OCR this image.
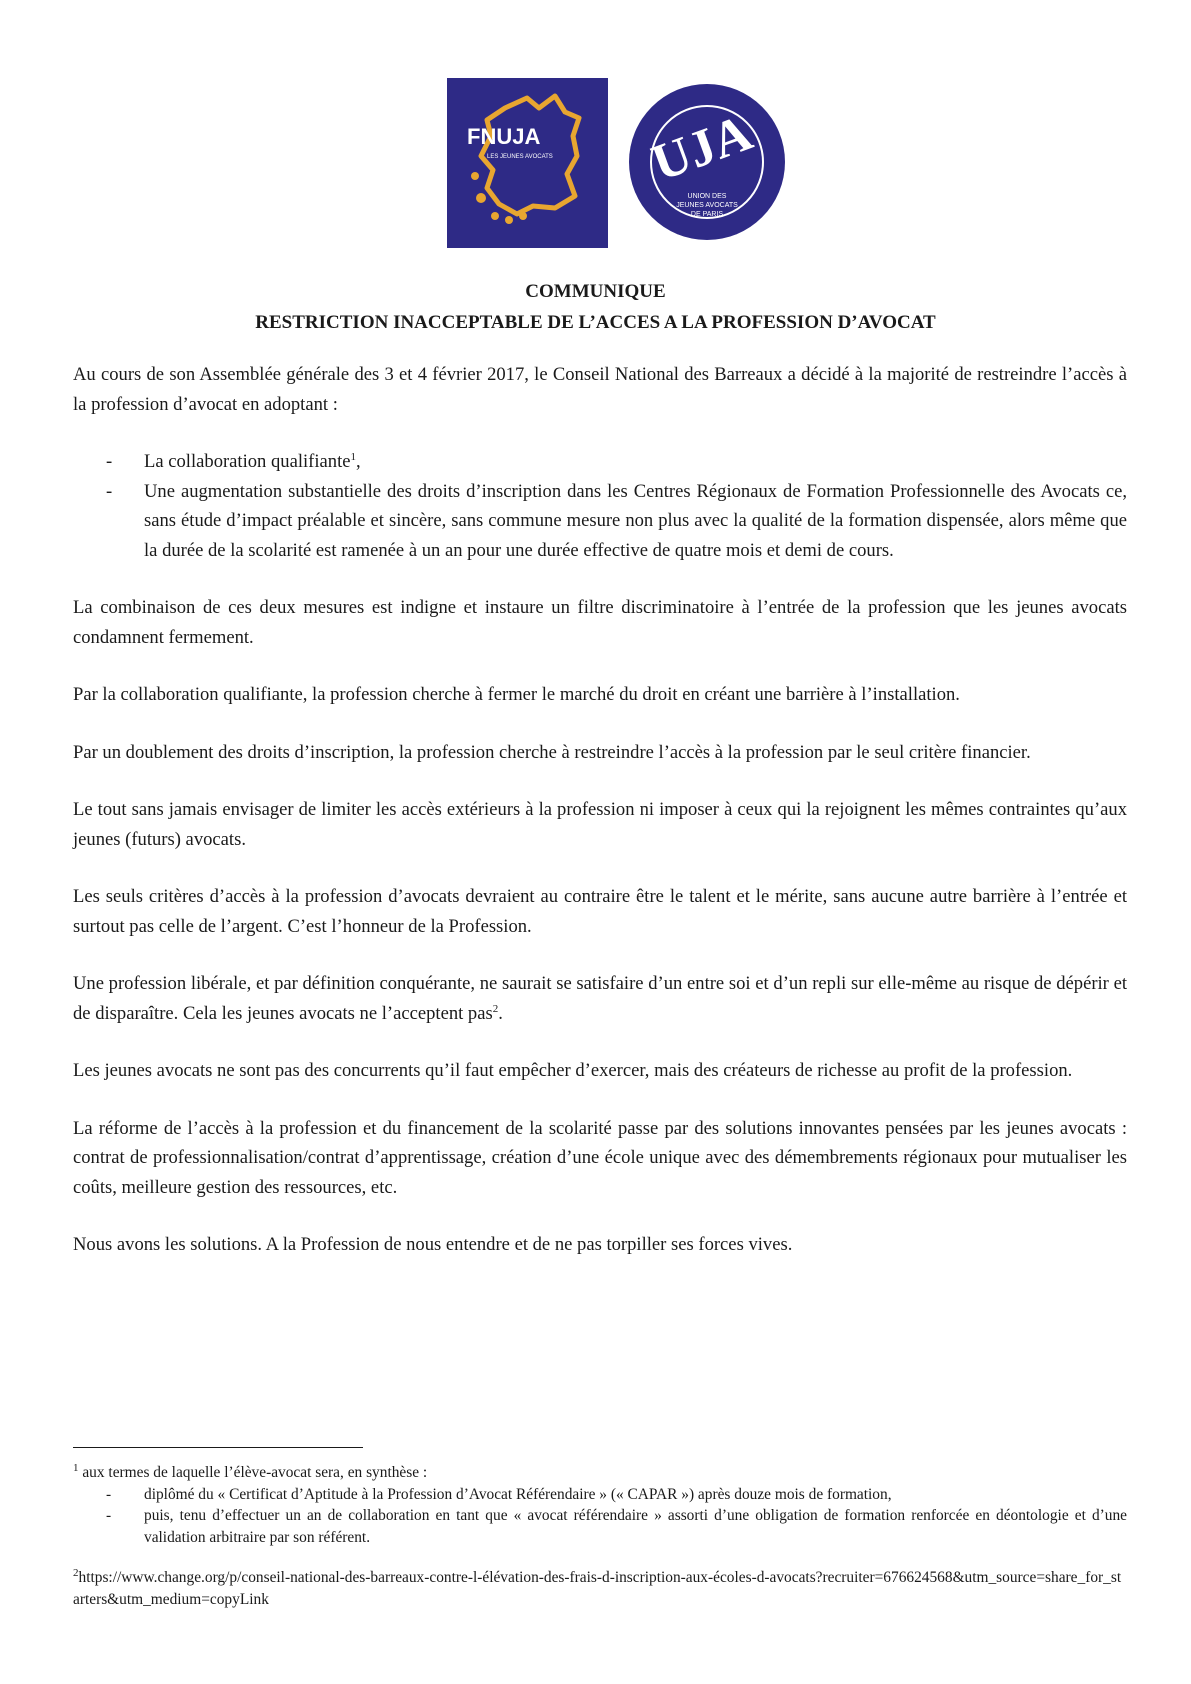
FNUJA
LES JEUNES AVOCATS UJA
UNION DES
JEUNES AVOCATS
DE PARIS
COMMUNIQUE
RESTRICTION INACCEPTABLE DE L’ACCES A LA PROFESSION D’AVOCAT

Au cours de son Assemblée générale des 3 et 4 février 2017, le Conseil National des Barreaux a décidé à la majorité de restreindre l’accès à la profession d’avocat en adoptant :

- La collaboration qualifiante$^1$,
- Une augmentation substantielle des droits d’inscription dans les Centres Régionaux de Formation Professionnelle des Avocats ce, sans étude d’impact préalable et sincère, sans commune mesure non plus avec la qualité de la formation dispensée, alors même que la durée de la scolarité est ramenée à un an pour une durée effective de quatre mois et demi de cours.

La combinaison de ces deux mesures est indigne et instaure un filtre discriminatoire à l’entrée de la profession que les jeunes avocats condamnent fermement.

Par la collaboration qualifiante, la profession cherche à fermer le marché du droit en créant une barrière à l’installation.

Par un doublement des droits d’inscription, la profession cherche à restreindre l’accès à la profession par le seul critère financier.

Le tout sans jamais envisager de limiter les accès extérieurs à la profession ni imposer à ceux qui la rejoignent les mêmes contraintes qu’aux jeunes (futurs) avocats.

Les seuls critères d’accès à la profession d’avocats devraient au contraire être le talent et le mérite, sans aucune autre barrière à l’entrée et surtout pas celle de l’argent. C’est l’honneur de la Profession.

Une profession libérale, et par définition conquérante, ne saurait se satisfaire d’un entre soi et d’un repli sur elle-même au risque de dépérir et de disparaître. Cela les jeunes avocats ne l’acceptent pas$^2$.

Les jeunes avocats ne sont pas des concurrents qu’il faut empêcher d’exercer, mais des créateurs de richesse au profit de la profession.

La réforme de l’accès à la profession et du financement de la scolarité passe par des solutions innovantes pensées par les jeunes avocats : contrat de professionnalisation/contrat d’apprentissage, création d’une école unique avec des démembrements régionaux pour mutualiser les coûts, meilleure gestion des ressources, etc.

Nous avons les solutions. A la Profession de nous entendre et de ne pas torpiller ses forces vives.

$^1$ aux termes de laquelle l’élève-avocat sera, en synthèse :

- diplômé du « Certificat d’Aptitude à la Profession d’Avocat Référendaire » (« CAPAR ») après douze mois de formation,
- puis, tenu d’effectuer un an de collaboration en tant que « avocat référendaire » assorti d’une obligation de formation renforcée en déontologie et d’une validation arbitraire par son référent.

$^2$https://www.change.org/p/conseil-national-des-barreaux-contre-l-élévation-des-frais-d-inscription-aux-écoles-d-avocats?recruiter=676624568&utm_source=share_for_starters&utm_medium=copyLink
